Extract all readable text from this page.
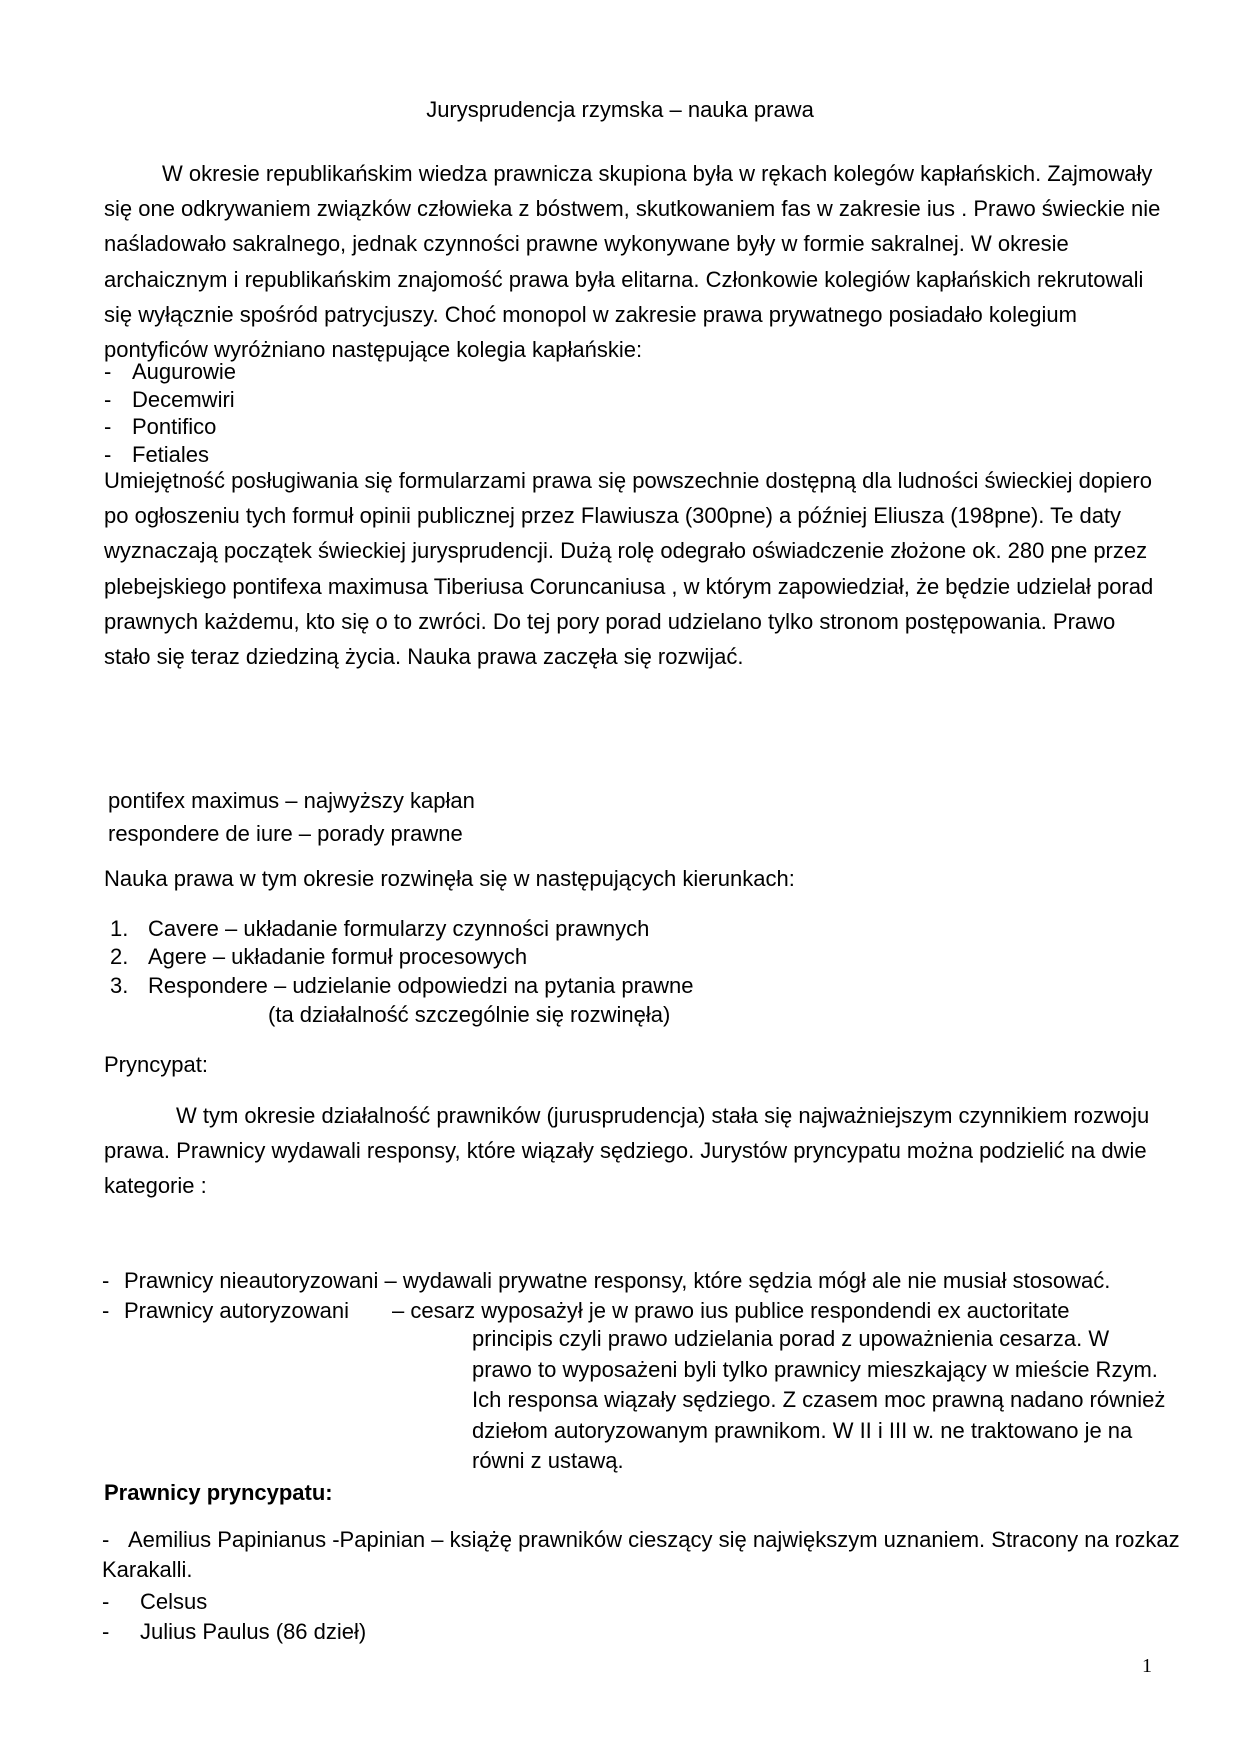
Jurysprudencja rzymska – nauka prawa
W okresie republikańskim wiedza prawnicza skupiona była w rękach kolegów kapłańskich. Zajmowały się one odkrywaniem związków człowieka z bóstwem, skutkowaniem fas w zakresie ius . Prawo świeckie nie naśladowało sakralnego, jednak czynności prawne wykonywane były w formie sakralnej. W okresie archaicznym i republikańskim znajomość prawa była elitarna. Członkowie kolegiów kapłańskich rekrutowali się wyłącznie spośród patrycjuszy. Choć monopol w zakresie prawa prywatnego posiadało kolegium pontyficów wyróżniano następujące kolegia kapłańskie:
- Augurowie
- Decemwiri
- Pontifico
- Fetiales
Umiejętność posługiwania się formularzami prawa się powszechnie dostępną dla ludności świeckiej dopiero po ogłoszeniu tych formuł opinii publicznej przez Flawiusza (300pne) a później Eliusza (198pne). Te daty wyznaczają początek świeckiej jurysprudencji. Dużą rolę odegrało oświadczenie złożone ok. 280 pne przez plebejskiego pontifexa maximusa Tiberiusa Coruncaniusa , w którym zapowiedział, że będzie udzielał porad prawnych każdemu, kto się o to zwróci. Do tej pory porad udzielano tylko stronom postępowania. Prawo stało się teraz dziedziną życia. Nauka prawa zaczęła się rozwijać.
pontifex maximus – najwyższy kapłan
respondere de iure – porady prawne
Nauka prawa w tym okresie rozwinęła się w następujących kierunkach:
1. Cavere – układanie formularzy czynności prawnych
2. Agere – układanie formuł procesowych
3. Respondere – udzielanie odpowiedzi na pytania prawne
(ta działalność szczególnie się rozwinęła)
Pryncypat:
W tym okresie działalność prawników (jurusprudencja) stała się najważniejszym czynnikiem rozwoju prawa. Prawnicy wydawali responsy, które wiązały sędziego. Jurystów pryncypatu można podzielić na dwie kategorie :
- Prawnicy nieautoryzowani – wydawali prywatne responsy, które sędzia mógł ale nie musiał stosować.
- Prawnicy autoryzowani – cesarz wyposażył je w prawo ius publice respondendi ex auctoritate
principis czyli prawo udzielania porad z upoważnienia cesarza. W prawo to wyposażeni byli tylko prawnicy mieszkający w mieście Rzym. Ich responsa wiązały sędziego. Z czasem moc prawną nadano również dziełom autoryzowanym prawnikom. W II i III w. ne traktowano je na równi z ustawą.
Prawnicy pryncypatu:
- Aemilius Papinianus -Papinian – książę prawników cieszący się największym uznaniem. Stracony na rozkaz Karakalli.
- Celsus
- Julius Paulus (86 dzieł)
1
